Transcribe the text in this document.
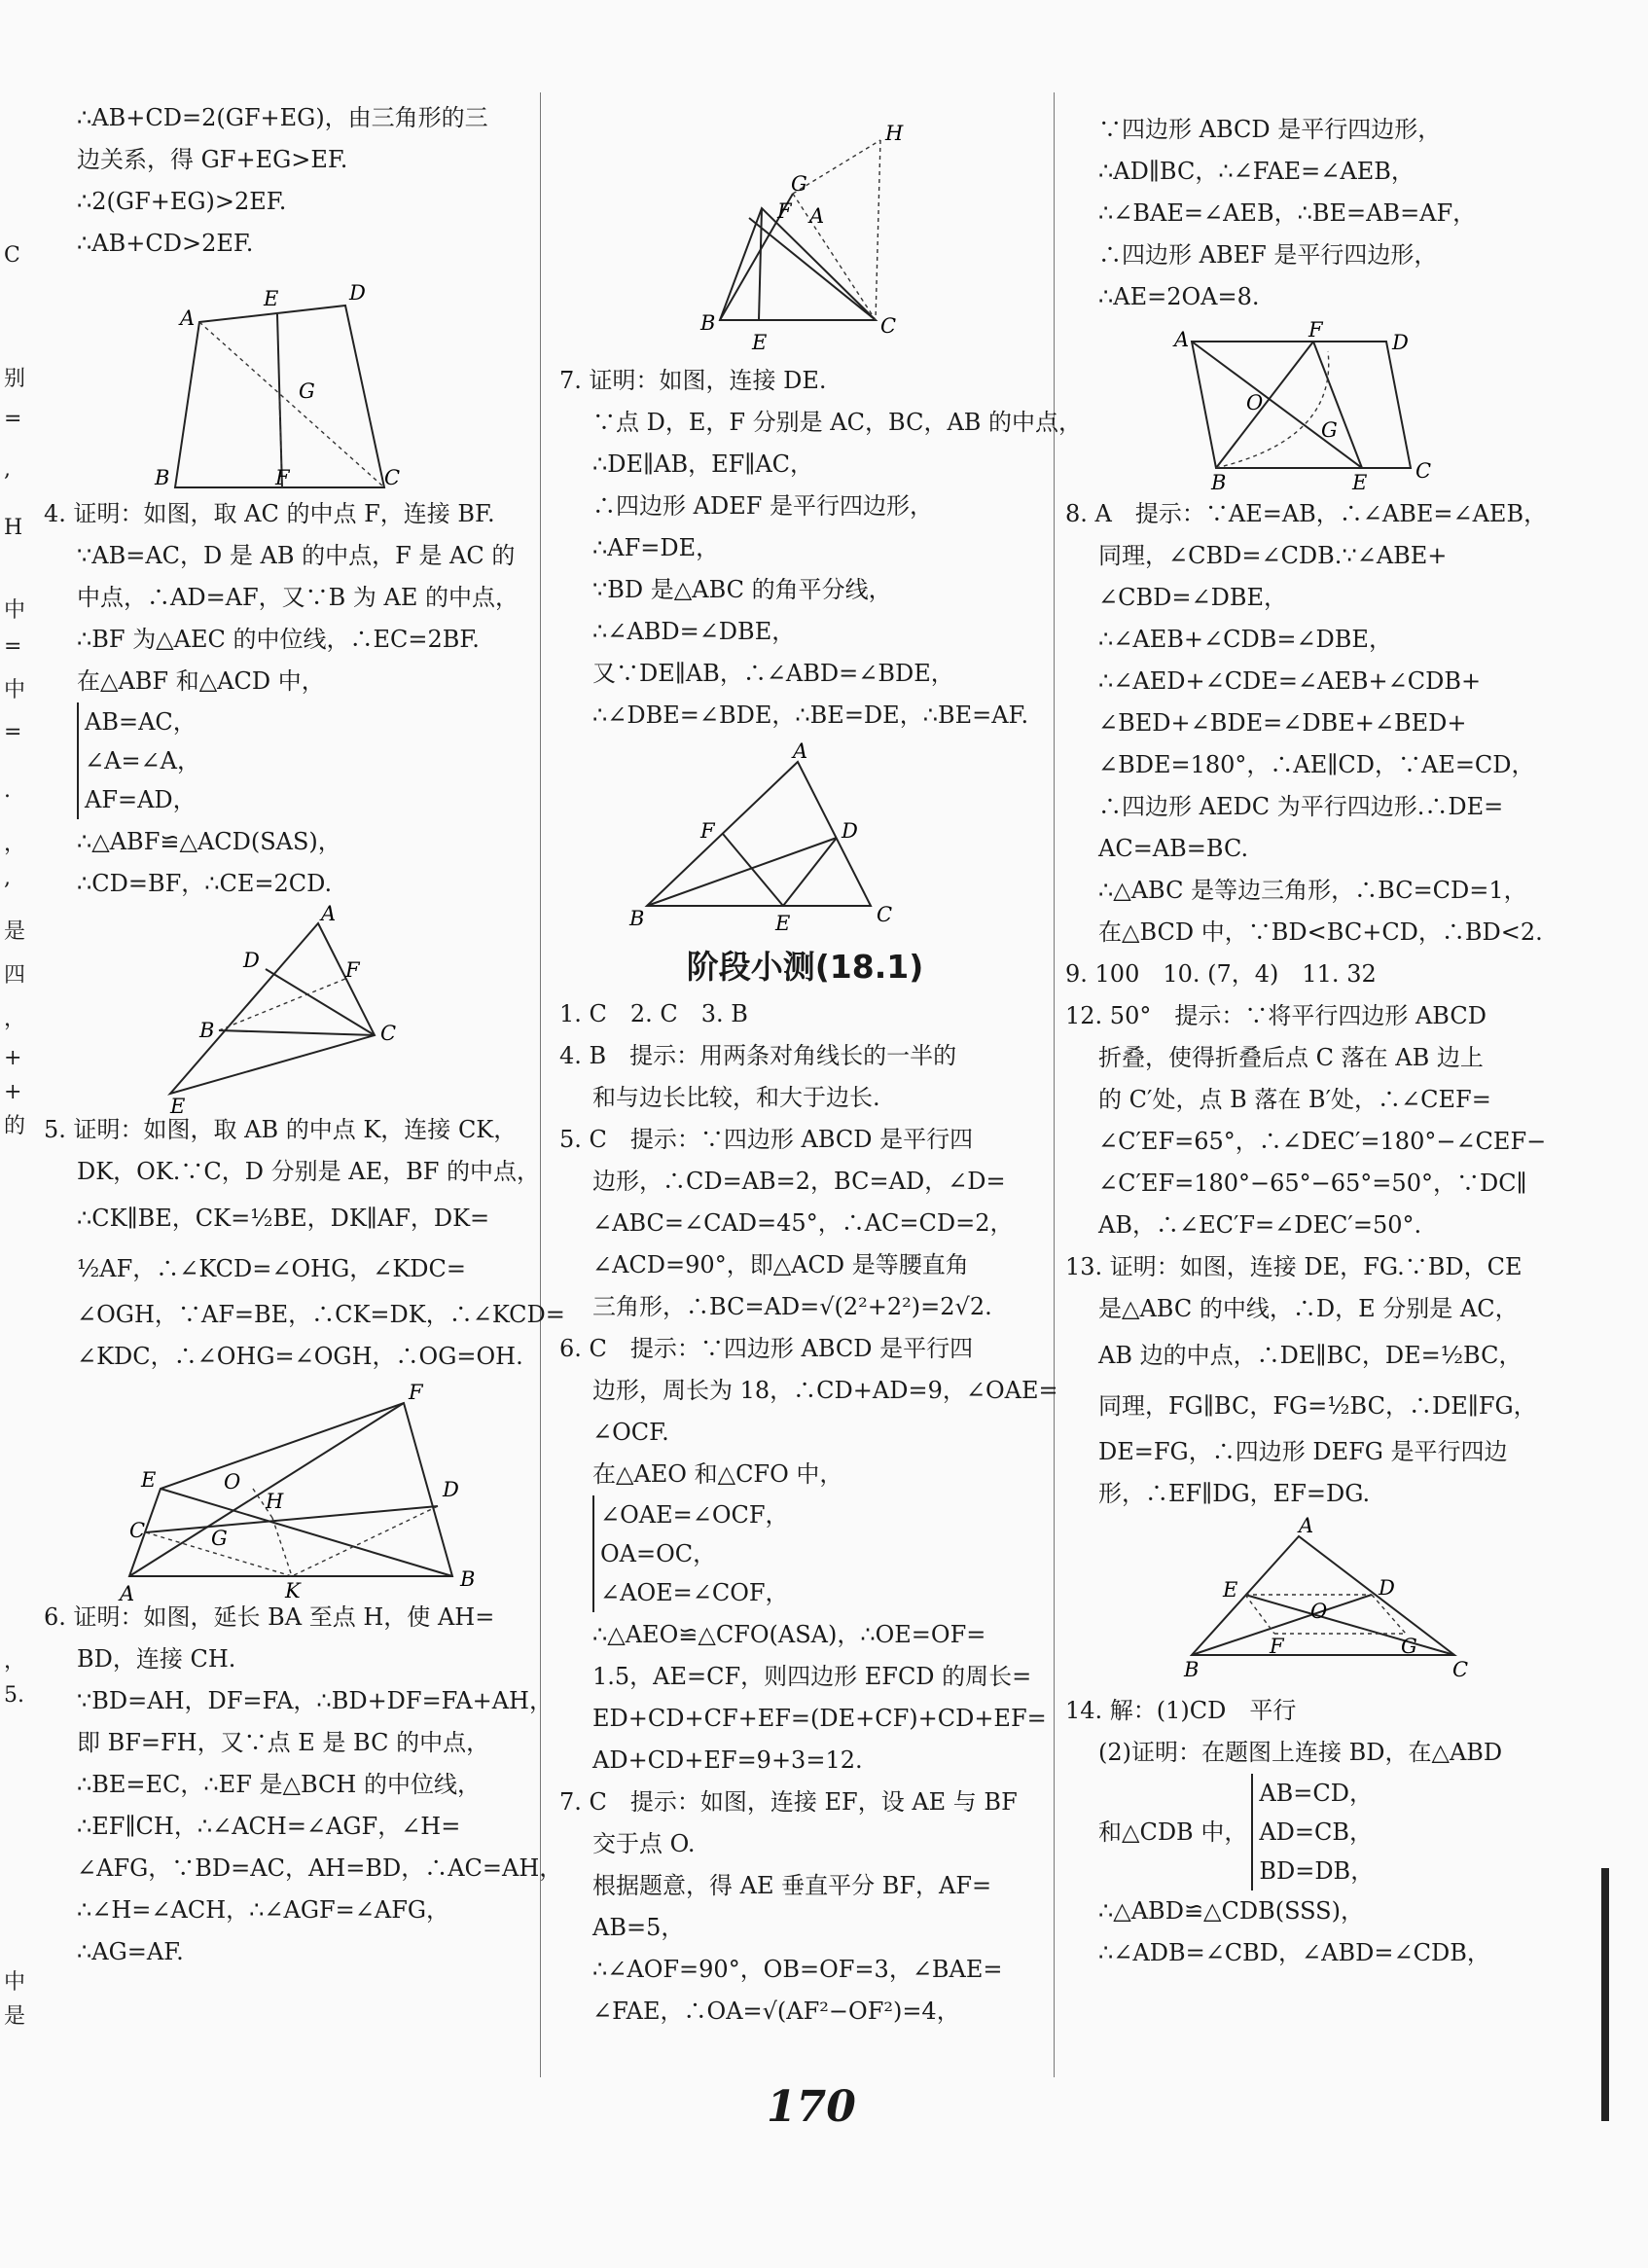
C
别
=
,
H
中
=
中
=
.
，
,
是
四
，
+
+
的
，
5.
中
是

∴AB+CD=2(GF+EG)，由三角形的三

边关系，得 GF+EG>EF.

∴2(GF+EG)>2EF.

∴AB+CD>2EF.

A
E	D
G
B	F	C

4. 证明：如图，取 AC 的中点 F，连接 BF.

∵AB=AC，D 是 AB 的中点，F 是 AC 的

中点，∴AD=AF，又∵B 为 AE 的中点，

∴BF 为△AEC 的中位线，∴EC=2BF.

在△ABF 和△ACD 中，

AB=AC，

∠A=∠A，

AF=AD，

∴△ABF≌△ACD(SAS)，

∴CD=BF，∴CE=2CD.

A
D	F
B	C
E

5. 证明：如图，取 AB 的中点 K，连接 CK，

DK，OK.∵C，D 分别是 AE，BF 的中点，

∴CK∥BE，CK=½BE，DK∥AF，DK=

½AF，∴∠KCD=∠OHG，∠KDC=

∠OGH，∵AF=BE，∴CK=DK，∴∠KCD=

∠KDC，∴∠OHG=∠OGH，∴OG=OH.

F
E	O
H	D
C	G
A	K	B

6. 证明：如图，延长 BA 至点 H，使 AH=

BD，连接 CH.

∵BD=AH，DF=FA，∴BD+DF=FA+AH，

即 BF=FH，又∵点 E 是 BC 的中点，

∴BE=EC，∴EF 是△BCH 的中位线，

∴EF∥CH，∴∠ACH=∠AGF，∠H=

∠AFG，∵BD=AC，AH=BD，∴AC=AH，

∴∠H=∠ACH，∴∠AGF=∠AFG，

∴AG=AF.

H
G
F A
B
E
C

7. 证明：如图，连接 DE.

∵点 D，E，F 分别是 AC，BC，AB 的中点，

∴DE∥AB，EF∥AC，

∴四边形 ADEF 是平行四边形，

∴AF=DE，

∵BD 是△ABC 的角平分线，

∴∠ABD=∠DBE，

又∵DE∥AB，∴∠ABD=∠BDE，

∴∠DBE=∠BDE，∴BE=DE，∴BE=AF.

A
F	D
B	E	C

阶段小测(18.1)

1. C　2. C　3. B

4. B　提示：用两条对角线长的一半的

和与边长比较，和大于边长.

5. C　提示：∵四边形 ABCD 是平行四

边形，∴CD=AB=2，BC=AD，∠D=

∠ABC=∠CAD=45°，∴AC=CD=2，

∠ACD=90°，即△ACD 是等腰直角

三角形，∴BC=AD=√(2²+2²)=2√2.

6. C　提示：∵四边形 ABCD 是平行四

边形，周长为 18，∴CD+AD=9，∠OAE=

∠OCF.

在△AEO 和△CFO 中，

∠OAE=∠OCF，

OA=OC，

∠AOE=∠COF，

∴△AEO≌△CFO(ASA)，∴OE=OF=

1.5，AE=CF，则四边形 EFCD 的周长=

ED+CD+CF+EF=(DE+CF)+CD+EF=

AD+CD+EF=9+3=12.

7. C　提示：如图，连接 EF，设 AE 与 BF

交于点 O.

根据题意，得 AE 垂直平分 BF，AF=

AB=5，

∴∠AOF=90°，OB=OF=3，∠BAE=

∠FAE，∴OA=√(AF²−OF²)=4，

∵四边形 ABCD 是平行四边形，

∴AD∥BC，∴∠FAE=∠AEB，

∴∠BAE=∠AEB，∴BE=AB=AF，

∴四边形 ABEF 是平行四边形，

∴AE=2OA=8.

A	F
D
O
G
B	E C

8. A　提示：∵AE=AB，∴∠ABE=∠AEB，

同理，∠CBD=∠CDB.∵∠ABE+

∠CBD=∠DBE，

∴∠AEB+∠CDB=∠DBE，

∴∠AED+∠CDE=∠AEB+∠CDB+

∠BED+∠BDE=∠DBE+∠BED+

∠BDE=180°，∴AE∥CD，∵AE=CD，

∴四边形 AEDC 为平行四边形.∴DE=

AC=AB=BC.

∴△ABC 是等边三角形，∴BC=CD=1，

在△BCD 中，∵BD<BC+CD，∴BD<2.

9. 100　10. (7，4)　11. 32

12. 50°　提示：∵将平行四边形 ABCD

折叠，使得折叠后点 C 落在 AB 边上

的 C′处，点 B 落在 B′处，∴∠CEF=

∠C′EF=65°，∴∠DEC′=180°−∠CEF−

∠C′EF=180°−65°−65°=50°，∵DC∥

AB，∴∠EC′F=∠DEC′=50°.

13. 证明：如图，连接 DE，FG.∵BD，CE

是△ABC 的中线，∴D，E 分别是 AC，

AB 边的中点，∴DE∥BC，DE=½BC，

同理，FG∥BC，FG=½BC，∴DE∥FG，

DE=FG，∴四边形 DEFG 是平行四边

形，∴EF∥DG，EF=DG.

A
E	D
O
B
F	G
C

14. 解：(1)CD　平行

(2)证明：在题图上连接 BD，在△ABD

和△CDB 中，

AB=CD，

AD=CB，

BD=DB，

∴△ABD≌△CDB(SSS)，

∴∠ADB=∠CBD，∠ABD=∠CDB，

170
